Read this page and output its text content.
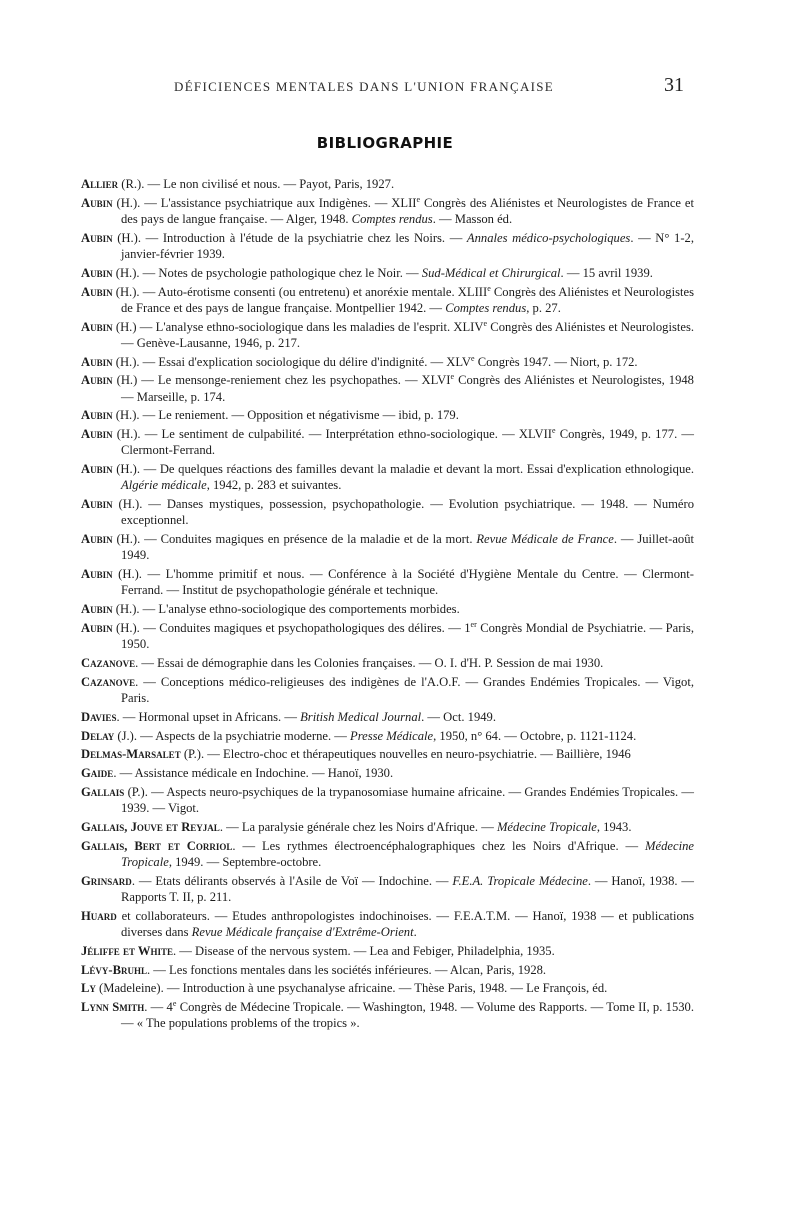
DÉFICIENCES MENTALES DANS L'UNION FRANÇAISE	31
BIBLIOGRAPHIE
Allier (R.). — Le non civilisé et nous. — Payot, Paris, 1927.
Aubin (H.). — L'assistance psychiatrique aux Indigènes. — XLIIe Congrès des Aliénistes et Neurologistes de France et des pays de langue française. — Alger, 1948. Comptes rendus. — Masson éd.
Aubin (H.). — Introduction à l'étude de la psychiatrie chez les Noirs. — Annales médico-psychologiques. — N° 1-2, janvier-février 1939.
Aubin (H.). — Notes de psychologie pathologique chez le Noir. — Sud-Médical et Chirurgical. — 15 avril 1939.
Aubin (H.). — Auto-érotisme consenti (ou entretenu) et anoréxie mentale. XLIIIe Congrès des Aliénistes et Neurologistes de France et des pays de langue française. Montpellier 1942. — Comptes rendus, p. 27.
Aubin (H.) — L'analyse ethno-sociologique dans les maladies de l'esprit. XLIVe Congrès des Aliénistes et Neurologistes. — Genève-Lausanne, 1946, p. 217.
Aubin (H.). — Essai d'explication sociologique du délire d'indignité. — XLVe Congrès 1947. — Niort, p. 172.
Aubin (H.) — Le mensonge-reniement chez les psychopathes. — XLVIe Congrès des Aliénistes et Neurologistes, 1948 — Marseille, p. 174.
Aubin (H.). — Le reniement. — Opposition et négativisme — ibid, p. 179.
Aubin (H.). — Le sentiment de culpabilité. — Interprétation ethno-sociologique. — XLVIIe Congrès, 1949, p. 177. — Clermont-Ferrand.
Aubin (H.). — De quelques réactions des familles devant la maladie et devant la mort. Essai d'explication ethnologique. Algérie médicale, 1942, p. 283 et suivantes.
Aubin (H.). — Danses mystiques, possession, psychopathologie. — Evolution psychiatrique. — 1948. — Numéro exceptionnel.
Aubin (H.). — Conduites magiques en présence de la maladie et de la mort. Revue Médicale de France. — Juillet-août 1949.
Aubin (H.). — L'homme primitif et nous. — Conférence à la Société d'Hygiène Mentale du Centre. — Clermont-Ferrand. — Institut de psychopathologie générale et technique.
Aubin (H.). — L'analyse ethno-sociologique des comportements morbides.
Aubin (H.). — Conduites magiques et psychopathologiques des délires. — 1er Congrès Mondial de Psychiatrie. — Paris, 1950.
Cazanove. — Essai de démographie dans les Colonies françaises. — O. I. d'H. P. Session de mai 1930.
Cazanove. — Conceptions médico-religieuses des indigènes de l'A.O.F. — Grandes Endémies Tropicales. — Vigot, Paris.
Davies. — Hormonal upset in Africans. — British Medical Journal. — Oct. 1949.
Delay (J.). — Aspects de la psychiatrie moderne. — Presse Médicale, 1950, n° 64. — Octobre, p. 1121-1124.
Delmas-Marsalet (P.). — Electro-choc et thérapeutiques nouvelles en neuro-psychiatrie. — Baillière, 1946
Gaide. — Assistance médicale en Indochine. — Hanoï, 1930.
Gallais (P.). — Aspects neuro-psychiques de la trypanosomiase humaine africaine. — Grandes Endémies Tropicales. — 1939. — Vigot.
Gallais, Jouve et Reyjal. — La paralysie générale chez les Noirs d'Afrique. — Médecine Tropicale, 1943.
Gallais, Bert et Corriol. — Les rythmes électroencéphalographiques chez les Noirs d'Afrique. — Médecine Tropicale, 1949. — Septembre-octobre.
Grinsard. — Etats délirants observés à l'Asile de Voï — Indochine. — F.E.A. Tropicale Médecine. — Hanoï, 1938. — Rapports T. II, p. 211.
Huard et collaborateurs. — Etudes anthropologistes indochinoises. — F.E.A.T.M. — Hanoï, 1938 — et publications diverses dans Revue Médicale française d'Extrême-Orient.
Jéliffe et White. — Disease of the nervous system. — Lea and Febiger, Philadelphia, 1935.
Lévy-Bruhl. — Les fonctions mentales dans les sociétés inférieures. — Alcan, Paris, 1928.
Ly (Madeleine). — Introduction à une psychanalyse africaine. — Thèse Paris, 1948. — Le François, éd.
Lynn Smith. — 4e Congrès de Médecine Tropicale. — Washington, 1948. — Volume des Rapports. — Tome II, p. 1530. — « The populations problems of the tropics ».
